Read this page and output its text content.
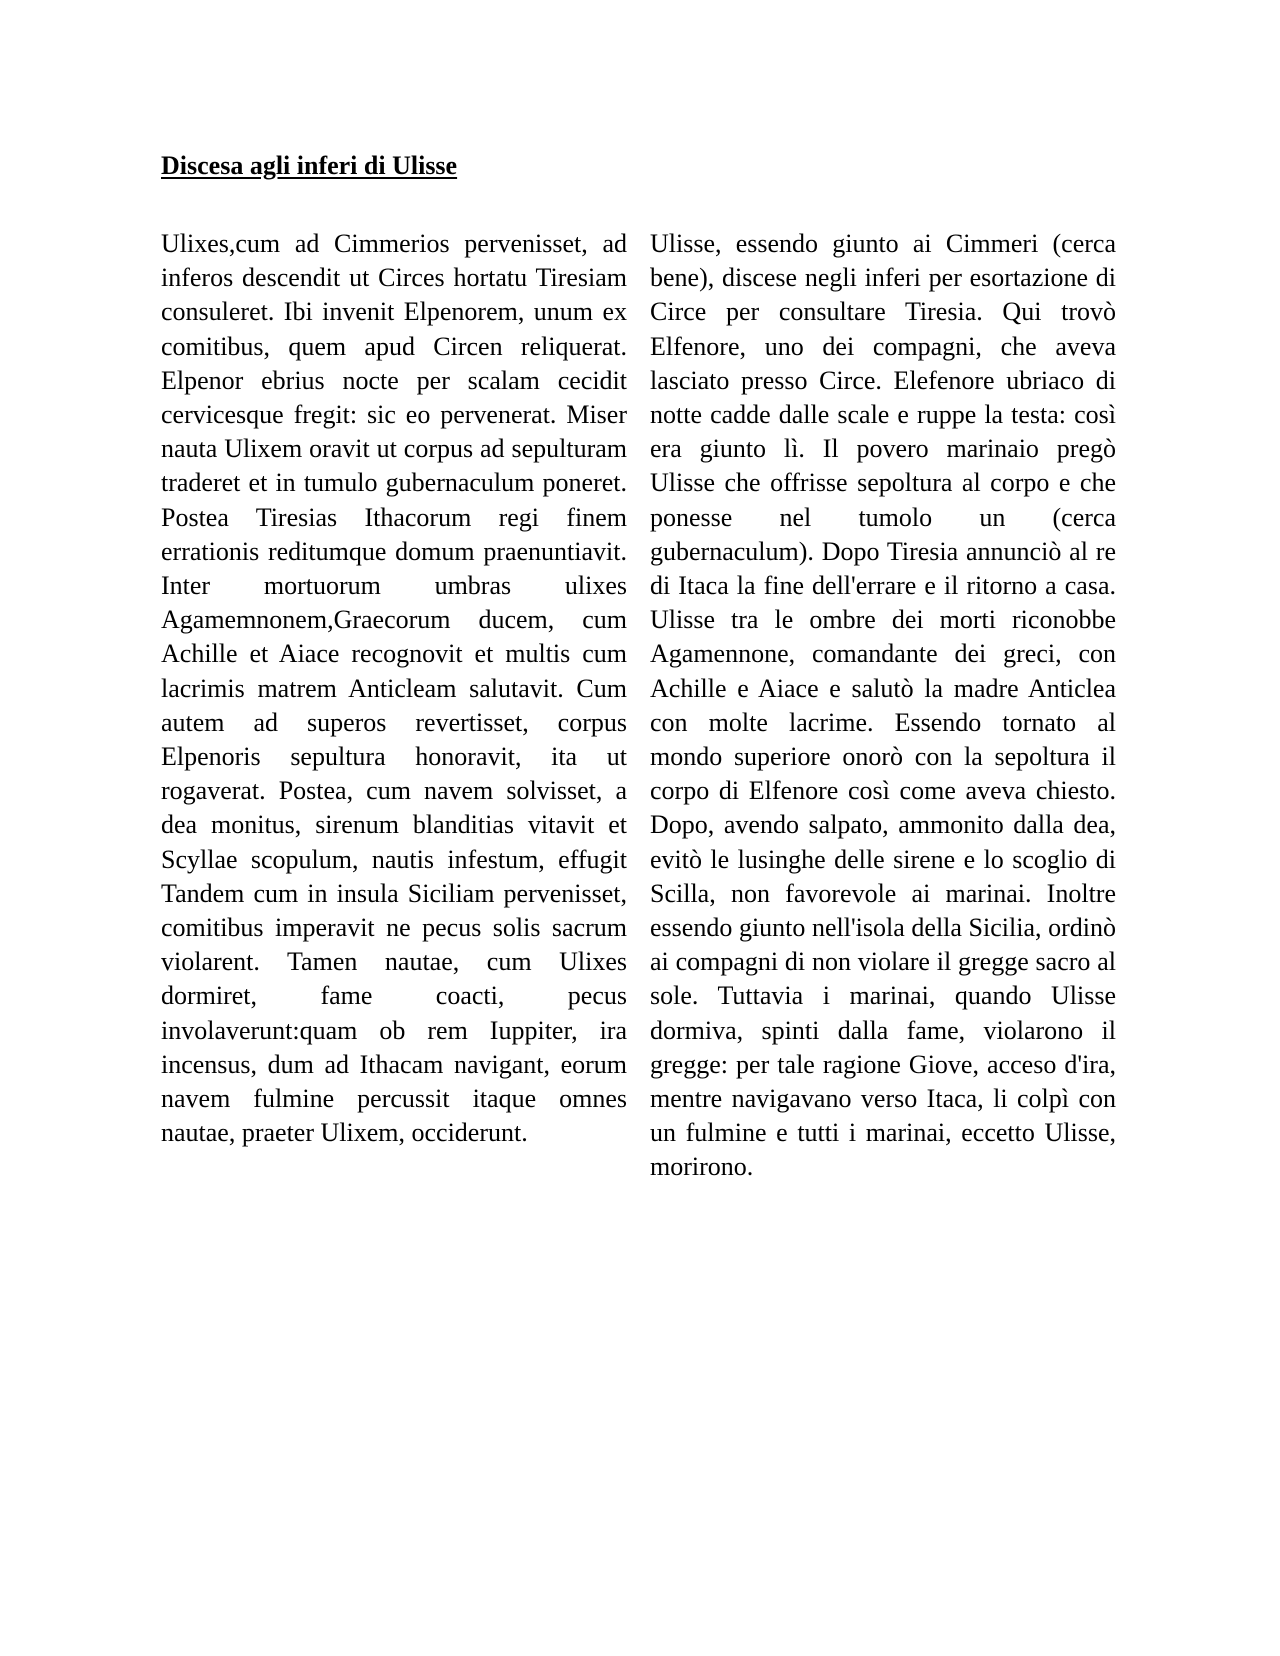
Discesa agli inferi di Ulisse
Ulixes,cum ad Cimmerios pervenisset, ad inferos descendit ut Circes hortatu Tiresiam consuleret. Ibi invenit Elpenorem, unum ex comitibus, quem apud Circen reliquerat. Elpenor ebrius nocte per scalam cecidit cervicesque fregit: sic eo pervenerat. Miser nauta Ulixem oravit ut corpus ad sepulturam traderet et in tumulo gubernaculum poneret. Postea Tiresias Ithacorum regi finem errationis reditumque domum praenuntiavit. Inter mortuorum umbras ulixes Agamemnonem,Graecorum ducem, cum Achille et Aiace recognovit et multis cum lacrimis matrem Anticleam salutavit. Cum autem ad superos revertisset, corpus Elpenoris sepultura honoravit, ita ut rogaverat. Postea, cum navem solvisset, a dea monitus, sirenum blanditias vitavit et Scyllae scopulum, nautis infestum, effugit Tandem cum in insula Siciliam pervenisset, comitibus imperavit ne pecus solis sacrum violarent. Tamen nautae, cum Ulixes dormiret, fame coacti, pecus involaverunt:quam ob rem Iuppiter, ira incensus, dum ad Ithacam navigant, eorum navem fulmine percussit itaque omnes nautae, praeter Ulixem, occiderunt.
Ulisse, essendo giunto ai Cimmeri (cerca bene), discese negli inferi per esortazione di Circe per consultare Tiresia. Qui trovò Elfenore, uno dei compagni, che aveva lasciato presso Circe. Elefenore ubriaco di notte cadde dalle scale e ruppe la testa: così era giunto lì. Il povero marinaio pregò Ulisse che offrisse sepoltura al corpo e che ponesse nel tumolo un (cerca gubernaculum). Dopo Tiresia annunciò al re di Itaca la fine dell'errare e il ritorno a casa. Ulisse tra le ombre dei morti riconobbe Agamennone, comandante dei greci, con Achille e Aiace e salutò la madre Anticlea con molte lacrime. Essendo tornato al mondo superiore onorò con la sepoltura il corpo di Elfenore così come aveva chiesto. Dopo, avendo salpato, ammonito dalla dea, evitò le lusinghe delle sirene e lo scoglio di Scilla, non favorevole ai marinai. Inoltre essendo giunto nell'isola della Sicilia, ordinò ai compagni di non violare il gregge sacro al sole. Tuttavia i marinai, quando Ulisse dormiva, spinti dalla fame, violarono il gregge: per tale ragione Giove, acceso d'ira, mentre navigavano verso Itaca, li colpì con un fulmine e tutti i marinai, eccetto Ulisse, morirono.
